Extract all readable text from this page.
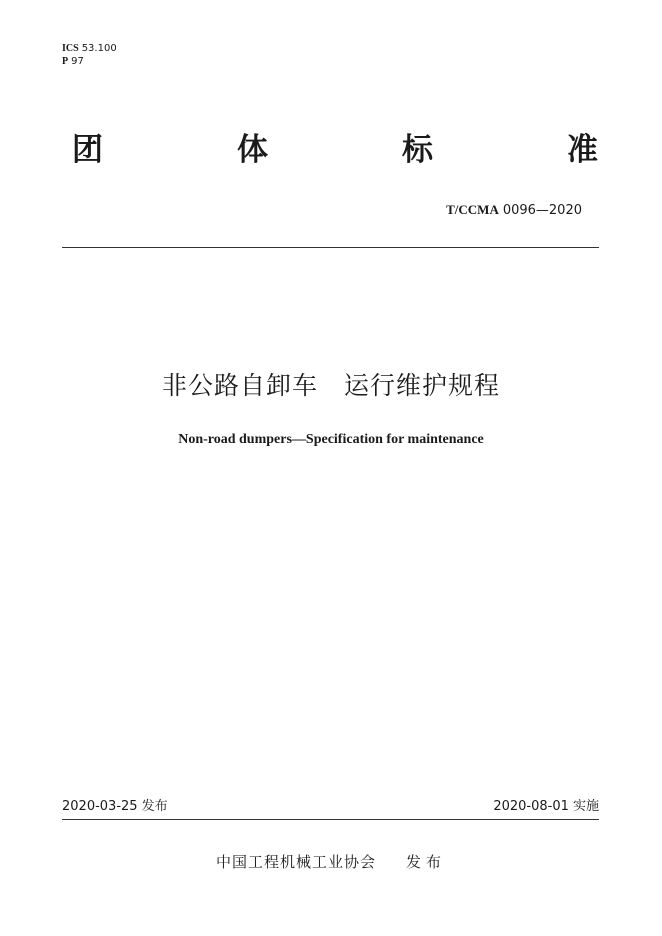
ICS 53.100
P 97
团	体	标	准
T/CCMA 0096—2020
非公路自卸车　运行维护规程
Non-road dumpers—Specification for maintenance
2020-03-25 发布	2020-08-01 实施
中国工程机械工业协会 发布
